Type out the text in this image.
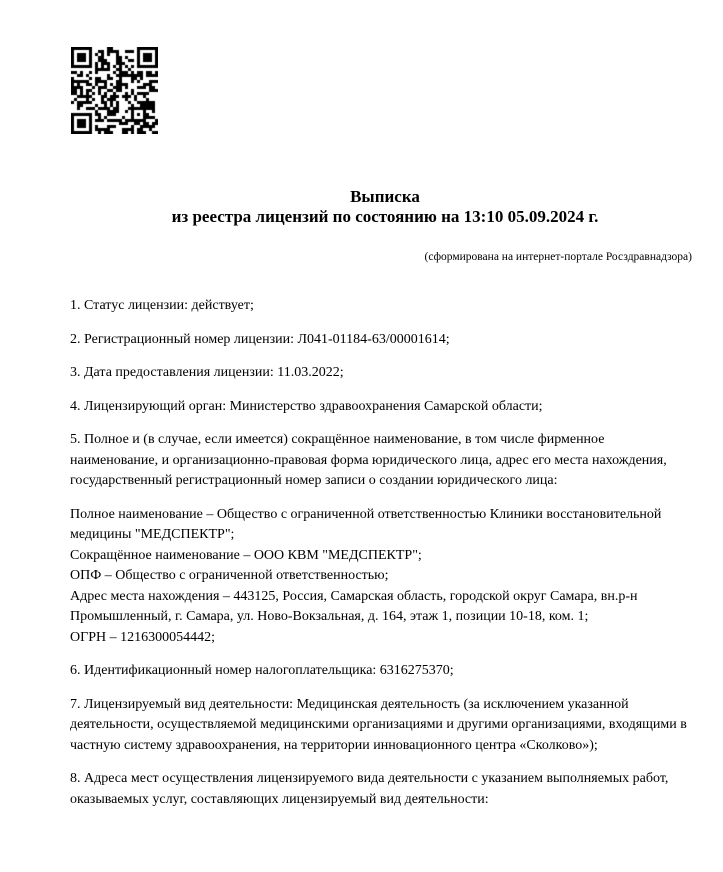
Выписка
из реестра лицензий по состоянию на 13:10 05.09.2024 г.
(сформирована на интернет-портале Росздравнадзора)

1. Статус лицензии: действует;

2. Регистрационный номер лицензии: Л041-01184-63/00001614;

3. Дата предоставления лицензии: 11.03.2022;

4. Лицензирующий орган: Министерство здравоохранения Самарской области;

5. Полное и (в случае, если имеется) сокращённое наименование, в том числе фирменное наименование, и организационно-правовая форма юридического лица, адрес его места нахождения, государственный регистрационный номер записи о создании юридического лица:

Полное наименование – Общество с ограниченной ответственностью Клиники восстановительной медицины "МЕДСПЕКТР";
Сокращённое наименование – ООО КВМ "МЕДСПЕКТР";
ОПФ – Общество с ограниченной ответственностью;
Адрес места нахождения – 443125, Россия, Самарская область, городской округ Самара, вн.р-н Промышленный, г. Самара, ул. Ново-Вокзальная, д. 164, этаж 1, позиции 10-18, ком. 1;
ОГРН – 1216300054442;

6. Идентификационный номер налогоплательщика: 6316275370;

7. Лицензируемый вид деятельности: Медицинская деятельность (за исключением указанной деятельности, осуществляемой медицинскими организациями и другими организациями, входящими в частную систему здравоохранения, на территории инновационного центра «Сколково»);

8. Адреса мест осуществления лицензируемого вида деятельности с указанием выполняемых работ, оказываемых услуг, составляющих лицензируемый вид деятельности:
